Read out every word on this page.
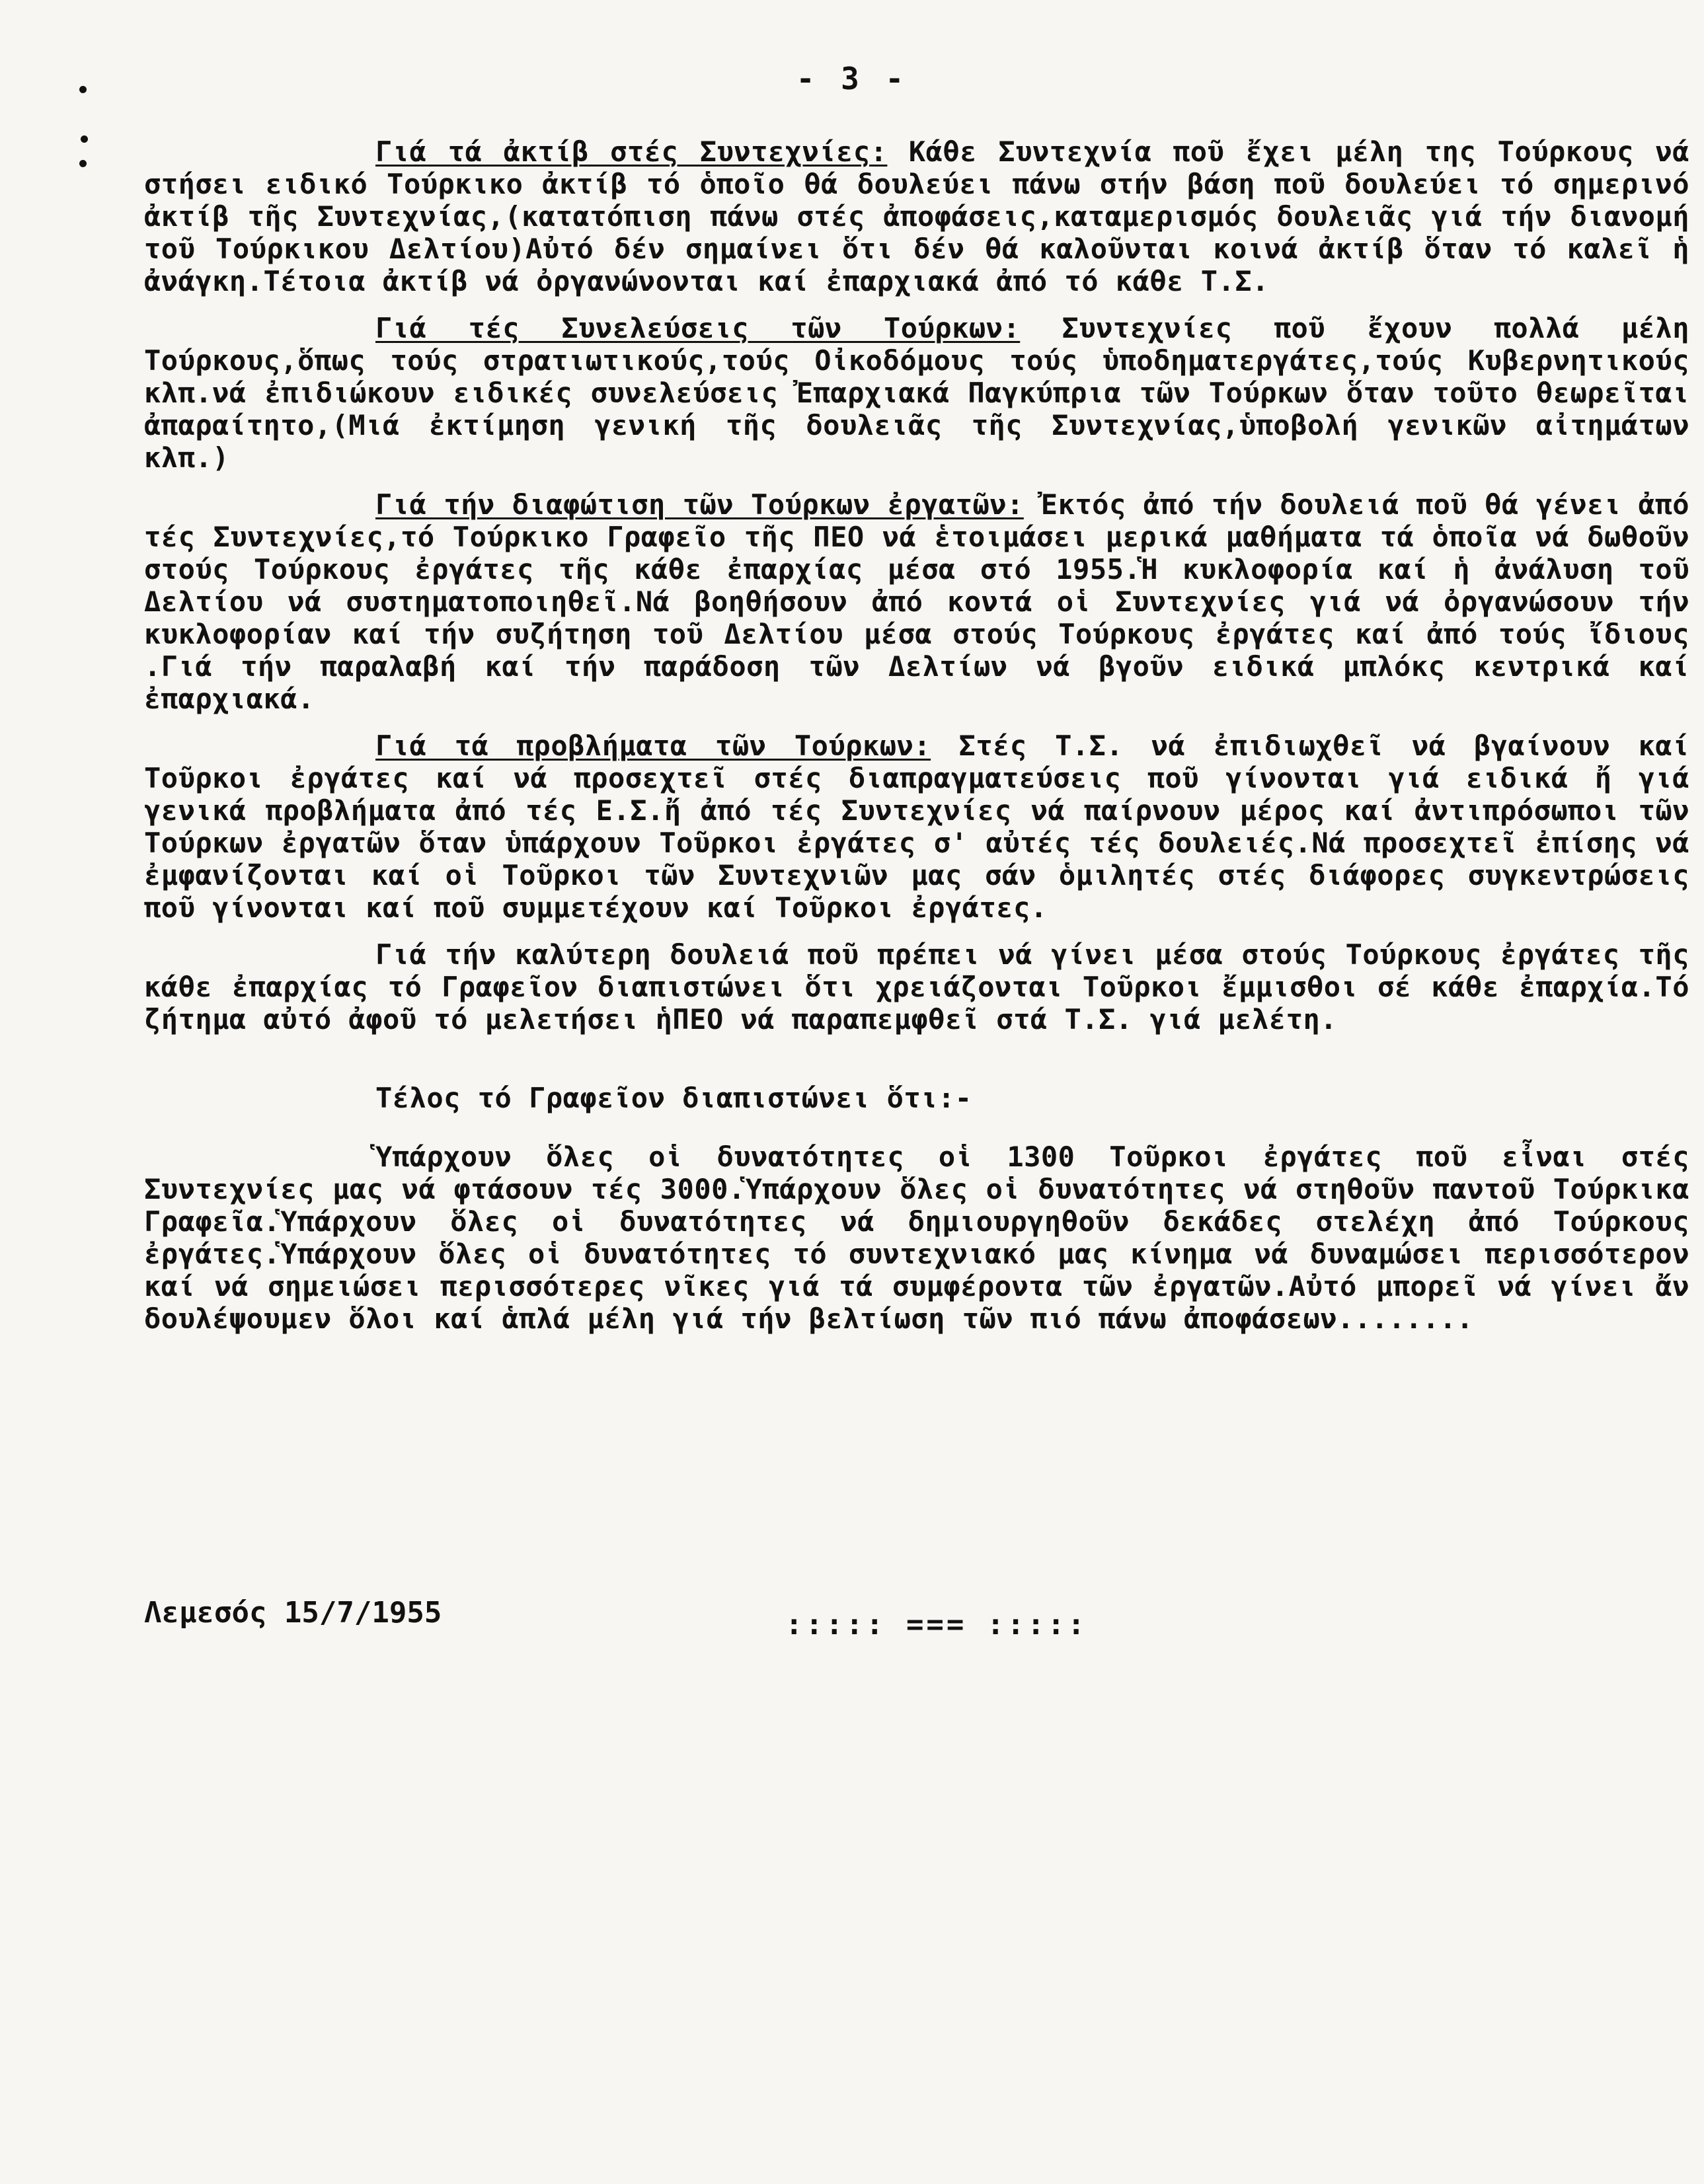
- 3 -

Γιά τά ἀκτίβ στές Συντεχνίες: Κάθε Συντεχνία ποῦ ἔχει μέλη της Τούρκους νά στήσει ειδικό Τούρκικο ἀκτίβ τό ὁποῖο θά δουλεύει πάνω στήν βάση ποῦ δουλεύει τό σημερινό ἀκτίβ τῆς Συντεχνίας,(κατατόπιση πάνω στές ἀποφάσεις,καταμερισμός δουλειᾶς γιά τήν διανομή τοῦ Τούρκικου Δελτίου)Αὐτό δέν σημαίνει ὅτι δέν θά καλοῦνται κοινά ἀκτίβ ὅταν τό καλεῖ ἡ ἀνάγκη.Τέτοια ἀκτίβ νά ὀργανώνονται καί ἐπαρχιακά ἀπό τό κάθε Τ.Σ.

Γιά τές Συνελεύσεις τῶν Τούρκων: Συντεχνίες ποῦ ἔχουν πολλά μέλη Τούρκους,ὅπως τούς στρατιωτικούς,τούς Οἰκοδόμους τούς ὑποδηματεργάτες,τούς Κυβερνητικούς κλπ.νά ἐπιδιώκουν ειδικές συνελεύσεις Ἐπαρχιακά Παγκύπρια τῶν Τούρκων ὅταν τοῦτο θεωρεῖται ἀπαραίτητο,(Μιά ἐκτίμηση γενική τῆς δουλειᾶς τῆς Συντεχνίας,ὑποβολή γενικῶν αἰτημάτων κλπ.)

Γιά τήν διαφώτιση τῶν Τούρκων ἐργατῶν: Ἐκτός ἀπό τήν δουλειά ποῦ θά γένει ἀπό τές Συντεχνίες,τό Τούρκικο Γραφεῖο τῆς ΠΕΟ νά ἑτοιμάσει μερικά μαθήματα τά ὁποῖα νά δωθοῦν στούς Τούρκους ἐργάτες τῆς κάθε ἐπαρχίας μέσα στό 1955.Ἡ κυκλοφορία καί ἡ ἀνάλυση τοῦ Δελτίου νά συστηματοποιηθεῖ.Νά βοηθήσουν ἀπό κοντά οἱ Συντεχνίες γιά νά ὀργανώσουν τήν κυκλοφορίαν καί τήν συζήτηση τοῦ Δελτίου μέσα στούς Τούρκους ἐργάτες καί ἀπό τούς ἴδιους .Γιά τήν παραλαβή καί τήν παράδοση τῶν Δελτίων νά βγοῦν ειδικά μπλόκς κεντρικά καί ἐπαρχιακά.

Γιά τά προβλήματα τῶν Τούρκων: Στές Τ.Σ. νά ἐπιδιωχθεῖ νά βγαίνουν καί Τοῦρκοι ἐργάτες καί νά προσεχτεῖ στές διαπραγματεύσεις ποῦ γίνονται γιά ειδικά ἤ γιά γενικά προβλήματα ἀπό τές Ε.Σ.ἤ ἀπό τές Συντεχνίες νά παίρνουν μέρος καί ἀντιπρόσωποι τῶν Τούρκων ἐργατῶν ὅταν ὑπάρχουν Τοῦρκοι ἐργάτες σ' αὐτές τές δουλειές.Νά προσεχτεῖ ἐπίσης νά ἐμφανίζονται καί οἱ Τοῦρκοι τῶν Συντεχνιῶν μας σάν ὁμιλητές στές διάφορες συγκεντρώσεις ποῦ γίνονται καί ποῦ συμμετέχουν καί Τοῦρκοι ἐργάτες.

Γιά τήν καλύτερη δουλειά ποῦ πρέπει νά γίνει μέσα στούς Τούρκους ἐργάτες τῆς κάθε ἐπαρχίας τό Γραφεῖον διαπιστώνει ὅτι χρειάζονται Τοῦρκοι ἔμμισθοι σέ κάθε ἐπαρχία.Τό ζήτημα αὐτό ἀφοῦ τό μελετήσει ἡΠΕΟ νά παραπεμφθεῖ στά Τ.Σ. γιά μελέτη.

Τέλος τό Γραφεῖον διαπιστώνει ὅτι:-

Ὑπάρχουν ὅλες οἱ δυνατότητες οἱ 1300 Τοῦρκοι ἐργάτες ποῦ εἶναι στές Συντεχνίες μας νά φτάσουν τές 3000.Ὑπάρχουν ὅλες οἱ δυνατότητες νά στηθοῦν παντοῦ Τούρκικα Γραφεῖα.Ὑπάρχουν ὅλες οἱ δυνατότητες νά δημιουργηθοῦν δεκάδες στελέχη ἀπό Τούρκους ἐργάτες.Ὑπάρχουν ὅλες οἱ δυνατότητες τό συντεχνιακό μας κίνημα νά δυναμώσει περισσότερον καί νά σημειώσει περισσότερες νῖκες γιά τά συμφέροντα τῶν ἐργατῶν.Αὐτό μπορεῖ νά γίνει ἄν δουλέψουμεν ὅλοι καί ἁπλά μέλη γιά τήν βελτίωση τῶν πιό πάνω ἀποφάσεων........

Λεμεσός 15/7/1955	::::: === :::::
